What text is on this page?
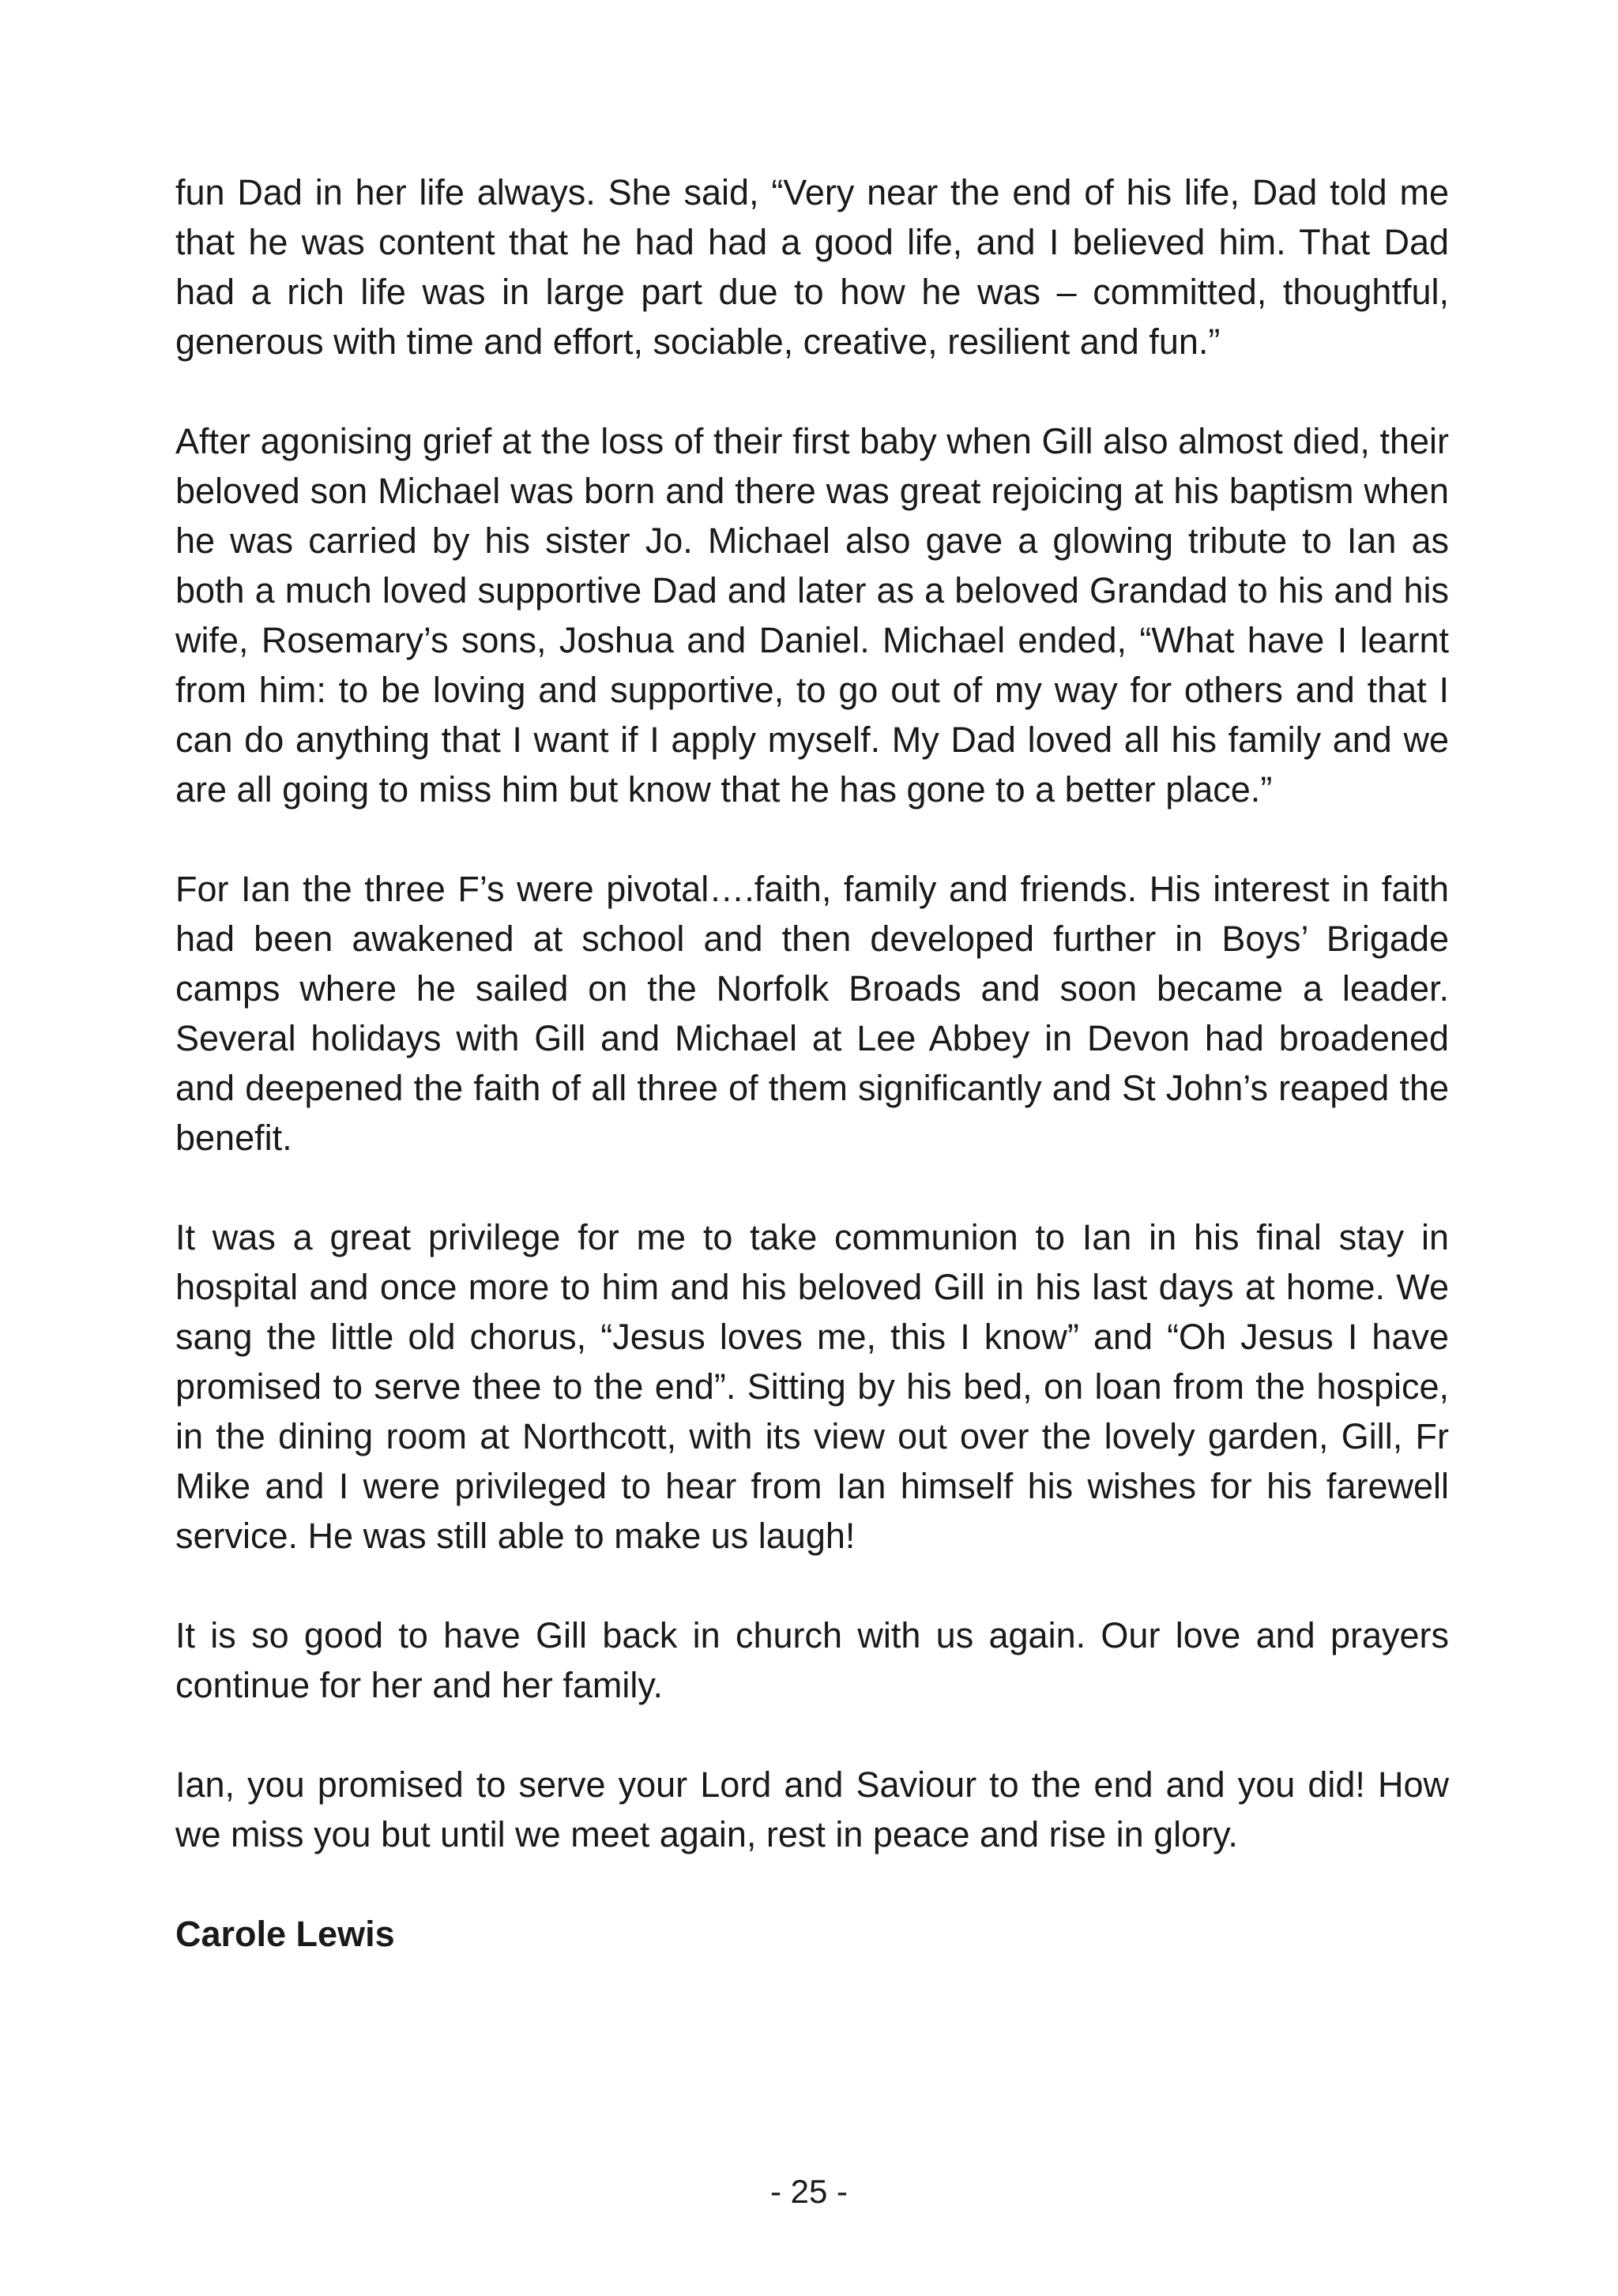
fun Dad in her life always. She said, “Very near the end of his life, Dad told me that he was content that he had had a good life, and I believed him. That Dad had a rich life was in large part due to how he was – committed, thoughtful, generous with time and effort, sociable, creative, resilient and fun.”

After agonising grief at the loss of their first baby when Gill also almost died, their beloved son Michael was born and there was great rejoicing at his baptism when he was carried by his sister Jo. Michael also gave a glowing tribute to Ian as both a much loved supportive Dad and later as a beloved Grandad to his and his wife, Rosemary’s sons, Joshua and Daniel. Michael ended, “What have I learnt from him: to be loving and supportive, to go out of my way for others and that I can do anything that I want if I apply myself. My Dad loved all his family and we are all going to miss him but know that he has gone to a better place.”

For Ian the three F’s were pivotal….faith, family and friends. His interest in faith had been awakened at school and then developed further in Boys’ Brigade camps where he sailed on the Norfolk Broads and soon became a leader. Several holidays with Gill and Michael at Lee Abbey in Devon had broadened and deepened the faith of all three of them significantly and St John’s reaped the benefit.

It was a great privilege for me to take communion to Ian in his final stay in hospital and once more to him and his beloved Gill in his last days at home. We sang the little old chorus, “Jesus loves me, this I know” and “Oh Jesus I have promised to serve thee to the end”. Sitting by his bed, on loan from the hospice, in the dining room at Northcott, with its view out over the lovely garden, Gill, Fr Mike and I were privileged to hear from Ian himself his wishes for his farewell service. He was still able to make us laugh!

It is so good to have Gill back in church with us again. Our love and prayers continue for her and her family.

Ian, you promised to serve your Lord and Saviour to the end and you did! How we miss you but until we meet again, rest in peace and rise in glory.

Carole Lewis

- 25 -
